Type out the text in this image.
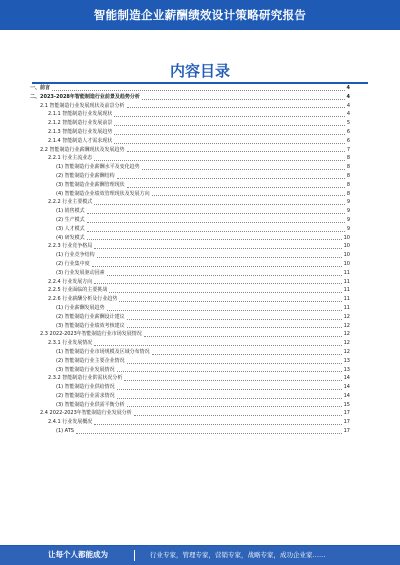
智能制造企业薪酬绩效设计策略研究报告
内容目录
一、前言	4
二、2023-2028年智能制造行业前景及趋势分析	4
2.1 智能制造行业发展现状及前景分析	4
2.1.1 智能制造行业发展现状	4
2.1.2 智能制造行业发展前景	5
2.1.3 智能制造行业发展趋势	6
2.1.4 智能制造人才需求现状	6
2.2 智能制造行业薪酬现状及发展趋势	7
2.2.1 行业主流业态	8
(1) 智能制造行业薪酬水平及变化趋势	8
(2) 智能制造行业薪酬结构	8
(3) 智能制造企业薪酬管理现状	8
(4) 智能制造企业绩效管理现状及发展方向	8
2.2.2 行业主要模式	9
(1) 销售模式	9
(2) 生产模式	9
(3) 人才模式	9
(4) 研发模式	10
2.2.3 行业竞争格局	10
(1) 行业竞争结构	10
(2) 行业集中度	10
(3) 行业发展驱动因素	11
2.2.4 行业发展方向	11
2.2.5 行业面临的主要挑战	11
2.2.6 行业薪酬分析及行业趋势	11
(1) 行业薪酬发展趋势	11
(2) 智能制造行业薪酬设计建议	12
(3) 智能制造行业绩效考核建议	12
2.3 2022-2023年智能制造行业市场发展情况	12
2.3.1 行业发展情况	12
(1) 智能制造行业市场规模及区域分布情况	12
(2) 智能制造行业主要企业情况	13
(3) 智能制造行业发展情况	13
2.3.2 智能制造行业供需状况分析	14
(1) 智能制造行业供给情况	14
(2) 智能制造行业需求情况	14
(3) 智能制造行业供需平衡分析	15
2.4 2022-2023年智能制造行业发展分析	17
2.4.1 行业发展概况	17
(1) ATS	17
让每个人都能成为	行业专家，管理专家，营销专家，战略专家，成功企业家……
